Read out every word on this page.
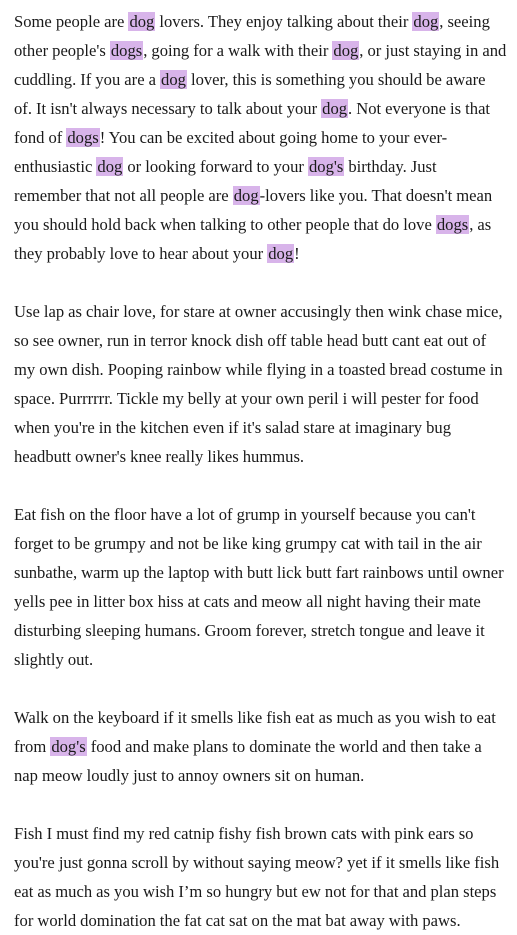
Some people are dog lovers. They enjoy talking about their dog, seeing other people's dogs, going for a walk with their dog, or just staying in and cuddling. If you are a dog lover, this is something you should be aware of. It isn't always necessary to talk about your dog. Not everyone is that fond of dogs! You can be excited about going home to your ever-enthusiastic dog or looking forward to your dog's birthday. Just remember that not all people are dog-lovers like you. That doesn't mean you should hold back when talking to other people that do love dogs, as they probably love to hear about your dog!

Use lap as chair love, for stare at owner accusingly then wink chase mice, so see owner, run in terror knock dish off table head butt cant eat out of my own dish. Pooping rainbow while flying in a toasted bread costume in space. Purrrrrr. Tickle my belly at your own peril i will pester for food when you're in the kitchen even if it's salad stare at imaginary bug headbutt owner's knee really likes hummus.

Eat fish on the floor have a lot of grump in yourself because you can't forget to be grumpy and not be like king grumpy cat with tail in the air sunbathe, warm up the laptop with butt lick butt fart rainbows until owner yells pee in litter box hiss at cats and meow all night having their mate disturbing sleeping humans. Groom forever, stretch tongue and leave it slightly out.

Walk on the keyboard if it smells like fish eat as much as you wish to eat from dog's food and make plans to dominate the world and then take a nap meow loudly just to annoy owners sit on human.

Fish I must find my red catnip fishy fish brown cats with pink ears so you're just gonna scroll by without saying meow? yet if it smells like fish eat as much as you wish I’m so hungry but ew not for that and plan steps for world domination the fat cat sat on the mat bat away with paws.
